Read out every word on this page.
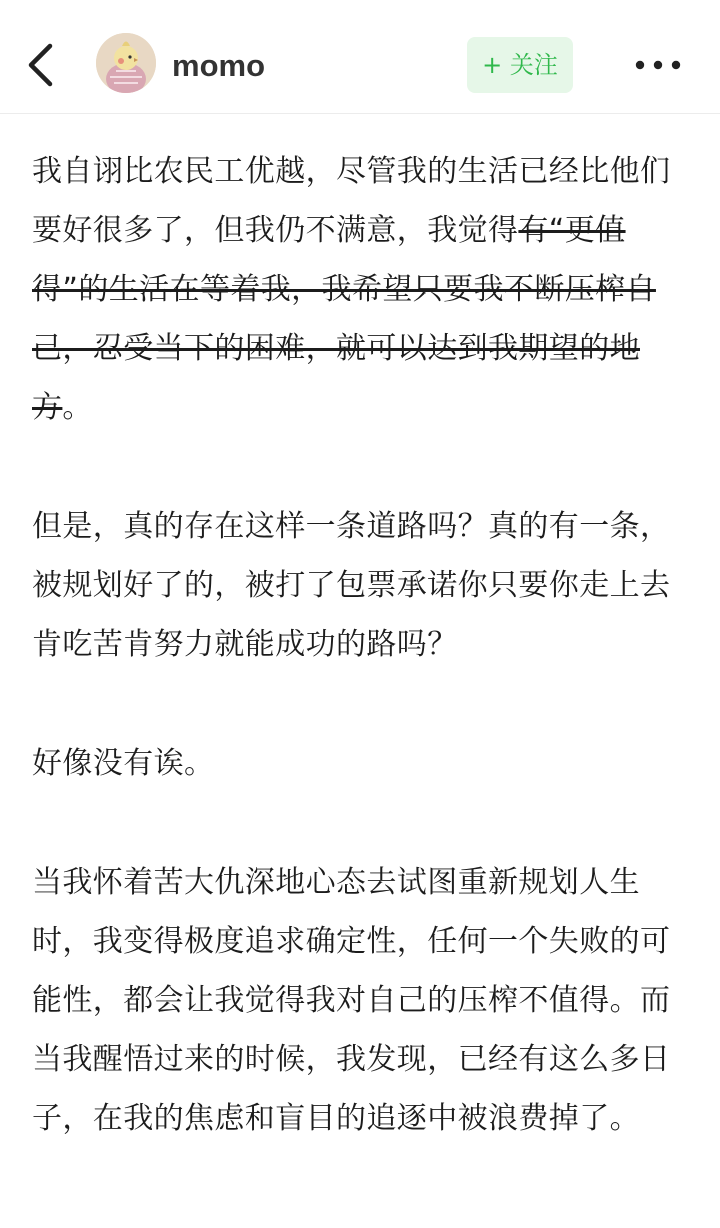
momo	+ 关注

我自诩比农民工优越，尽管我的生活已经比他们要好很多了，但我仍不满意，我觉得有“更值得”的生活在等着我，我希望只要我不断压榨自己，忍受当下的困难，就可以达到我期望的地方。

但是，真的存在这样一条道路吗？真的有一条，被规划好了的，被打了包票承诺你只要你走上去肯吃苦肯努力就能成功的路吗？

好像没有诶。

当我怀着苦大仇深地心态去试图重新规划人生时，我变得极度追求确定性，任何一个失败的可能性，都会让我觉得我对自己的压榨不值得。而当我醒悟过来的时候，我发现，已经有这么多日子，在我的焦虑和盲目的追逐中被浪费掉了。
